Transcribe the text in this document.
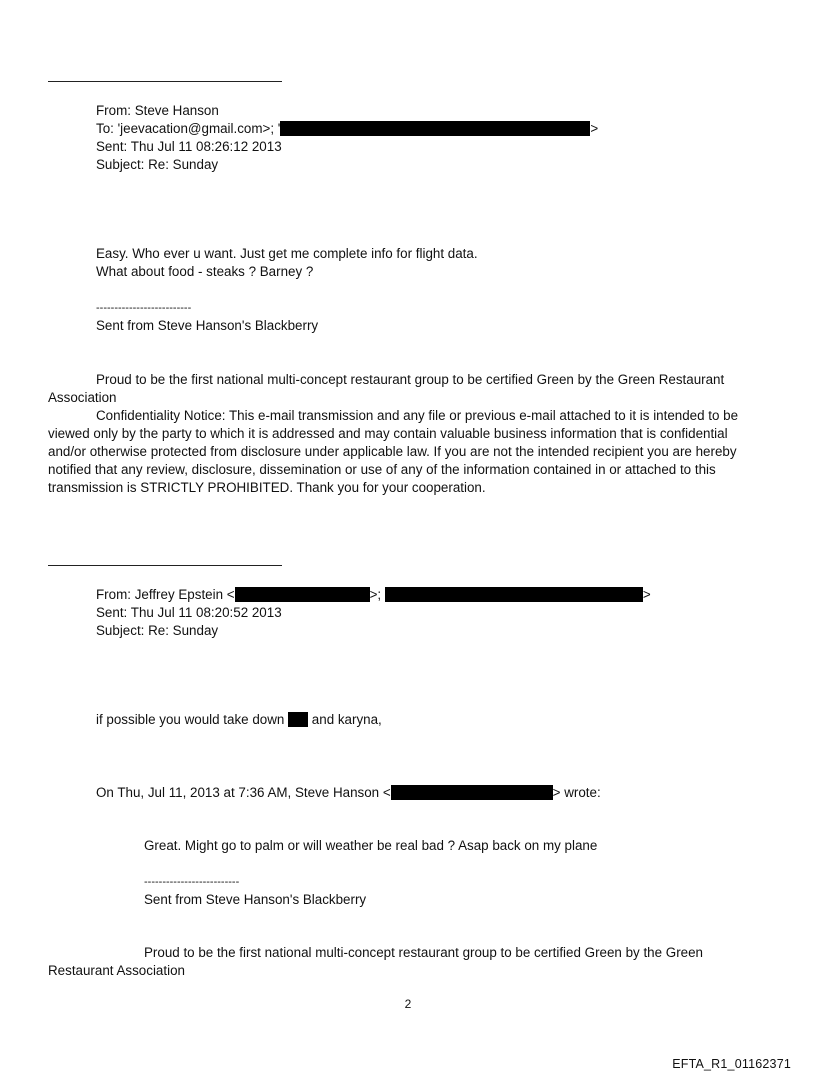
From: Steve Hanson
To: 'jeevacation@gmail.com>; '	>
Sent: Thu Jul 11 08:26:12 2013
Subject: Re: Sunday
Easy. Who ever u want. Just get me complete info for flight data.
What about food - steaks ? Barney ?
--------------------------
Sent from Steve Hanson's Blackberry
Proud to be the first national multi-concept restaurant group to be certified Green by the Green Restaurant
Association
Confidentiality Notice: This e-mail transmission and any file or previous e-mail attached to it is intended to be viewed only by the party to which it is addressed and may contain valuable business information that is confidential and/or otherwise protected from disclosure under applicable law. If you are not the intended recipient you are hereby notified that any review, disclosure, dissemination or use of any of the information contained in or attached to this transmission is STRICTLY PROHIBITED. Thank you for your cooperation.
From: Jeffrey Epstein <	>;	>
Sent: Thu Jul 11 08:20:52 2013
Subject: Re: Sunday
if possible you would take down and karyna,
On Thu, Jul 11, 2013 at 7:36 AM, Steve Hanson <	> wrote:
Great. Might go to palm or will weather be real bad ? Asap back on my plane
--------------------------
Sent from Steve Hanson's Blackberry
Proud to be the first national multi-concept restaurant group to be certified Green by the Green
Restaurant Association
2
EFTA_R1_01162371
